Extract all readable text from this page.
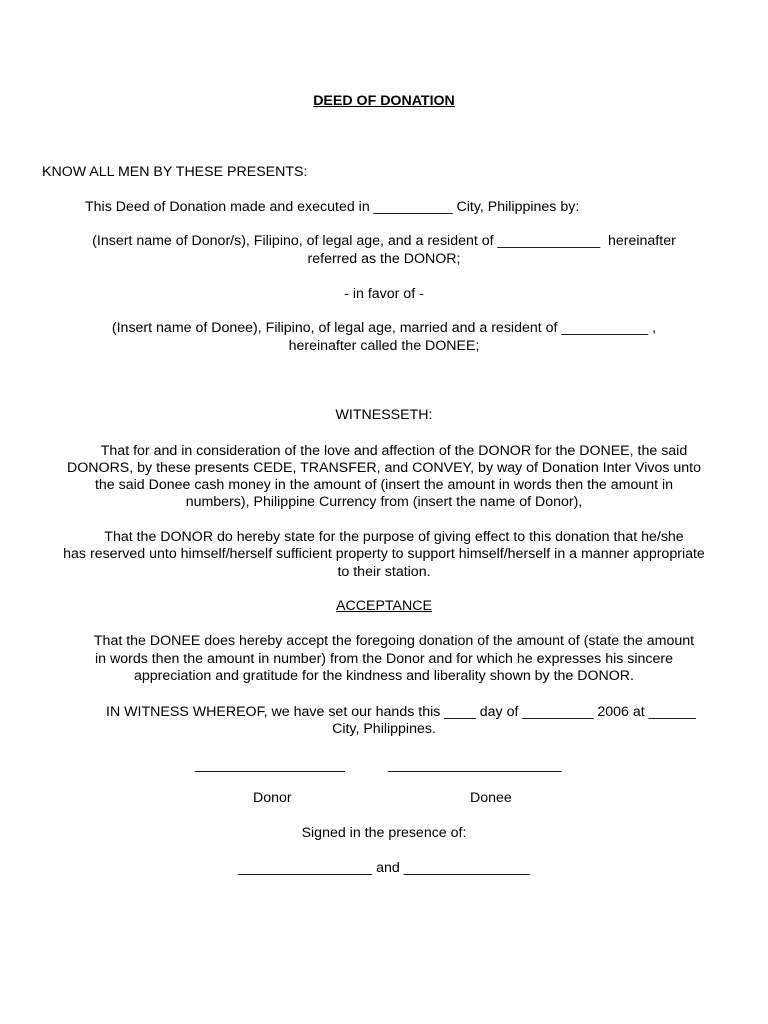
DEED OF DONATION
KNOW ALL MEN BY THESE PRESENTS:
This Deed of Donation made and executed in __________ City, Philippines by:
(Insert name of Donor/s), Filipino, of legal age, and a resident of _____________  hereinafter
referred as the DONOR;
- in favor of -
(Insert name of Donee), Filipino, of legal age, married and a resident of ___________ ,
hereinafter called the DONEE;
WITNESSETH:
That for and in consideration of the love and affection of the DONOR for the DONEE, the said
DONORS, by these presents CEDE, TRANSFER, and CONVEY, by way of Donation Inter Vivos unto
the said Donee cash money in the amount of (insert the amount in words then the amount in
numbers), Philippine Currency from (insert the name of Donor),
That the DONOR do hereby state for the purpose of giving effect to this donation that he/she
has reserved unto himself/herself sufficient property to support himself/herself in a manner appropriate
to their station.
ACCEPTANCE
That the DONEE does hereby accept the foregoing donation of the amount of (state the amount
in words then the amount in number) from the Donor and for which he expresses his sincere
appreciation and gratitude for the kindness and liberality shown by the DONOR.
IN WITNESS WHEREOF, we have set our hands this ____ day of _________ 2006 at ______
City, Philippines.
___________________	______________________
Donor	Donee
Signed in the presence of:
_________________ and ________________
